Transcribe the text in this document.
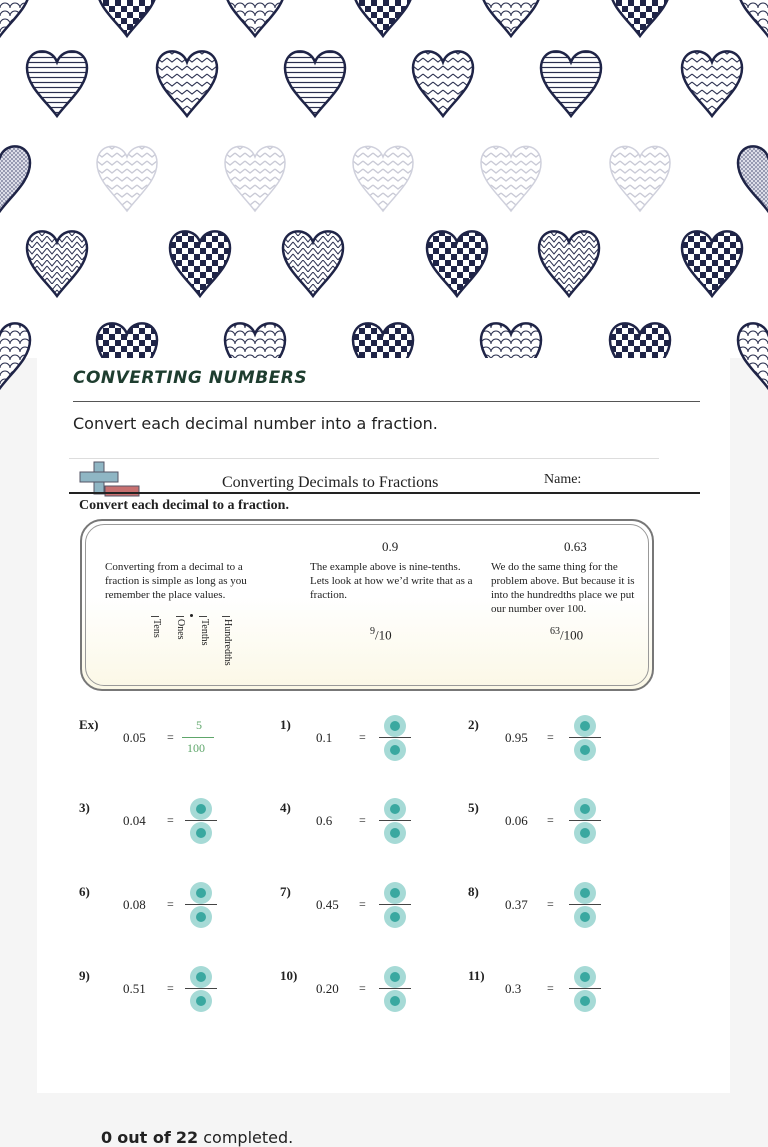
CONVERTING NUMBERS
Convert each decimal number into a fraction.
Converting Decimals to Fractions	Name:
Convert each decimal to a fraction.
0.9	0.63
Converting from a decimal to a fraction is simple as long as you remember the place values.
The example above is nine-tenths. Lets look at how we’d write that as a fraction.
We do the same thing for the problem above. But because it is into the hundredths place we put our number over 100.
Tens Ones Tenths Hundredths	$^9$/10	$^{63}$/100
Ex)
0.05 =
5
100
1)
0.1 =
2)
0.95 =
3)
0.04 =
4)
0.6 =
5)
0.06 =
6)
0.08 =
7)
0.45 =
8)
0.37 =
9)
0.51 =
10)
0.20 =
11)
0.3 =
0 out of 22 completed.
